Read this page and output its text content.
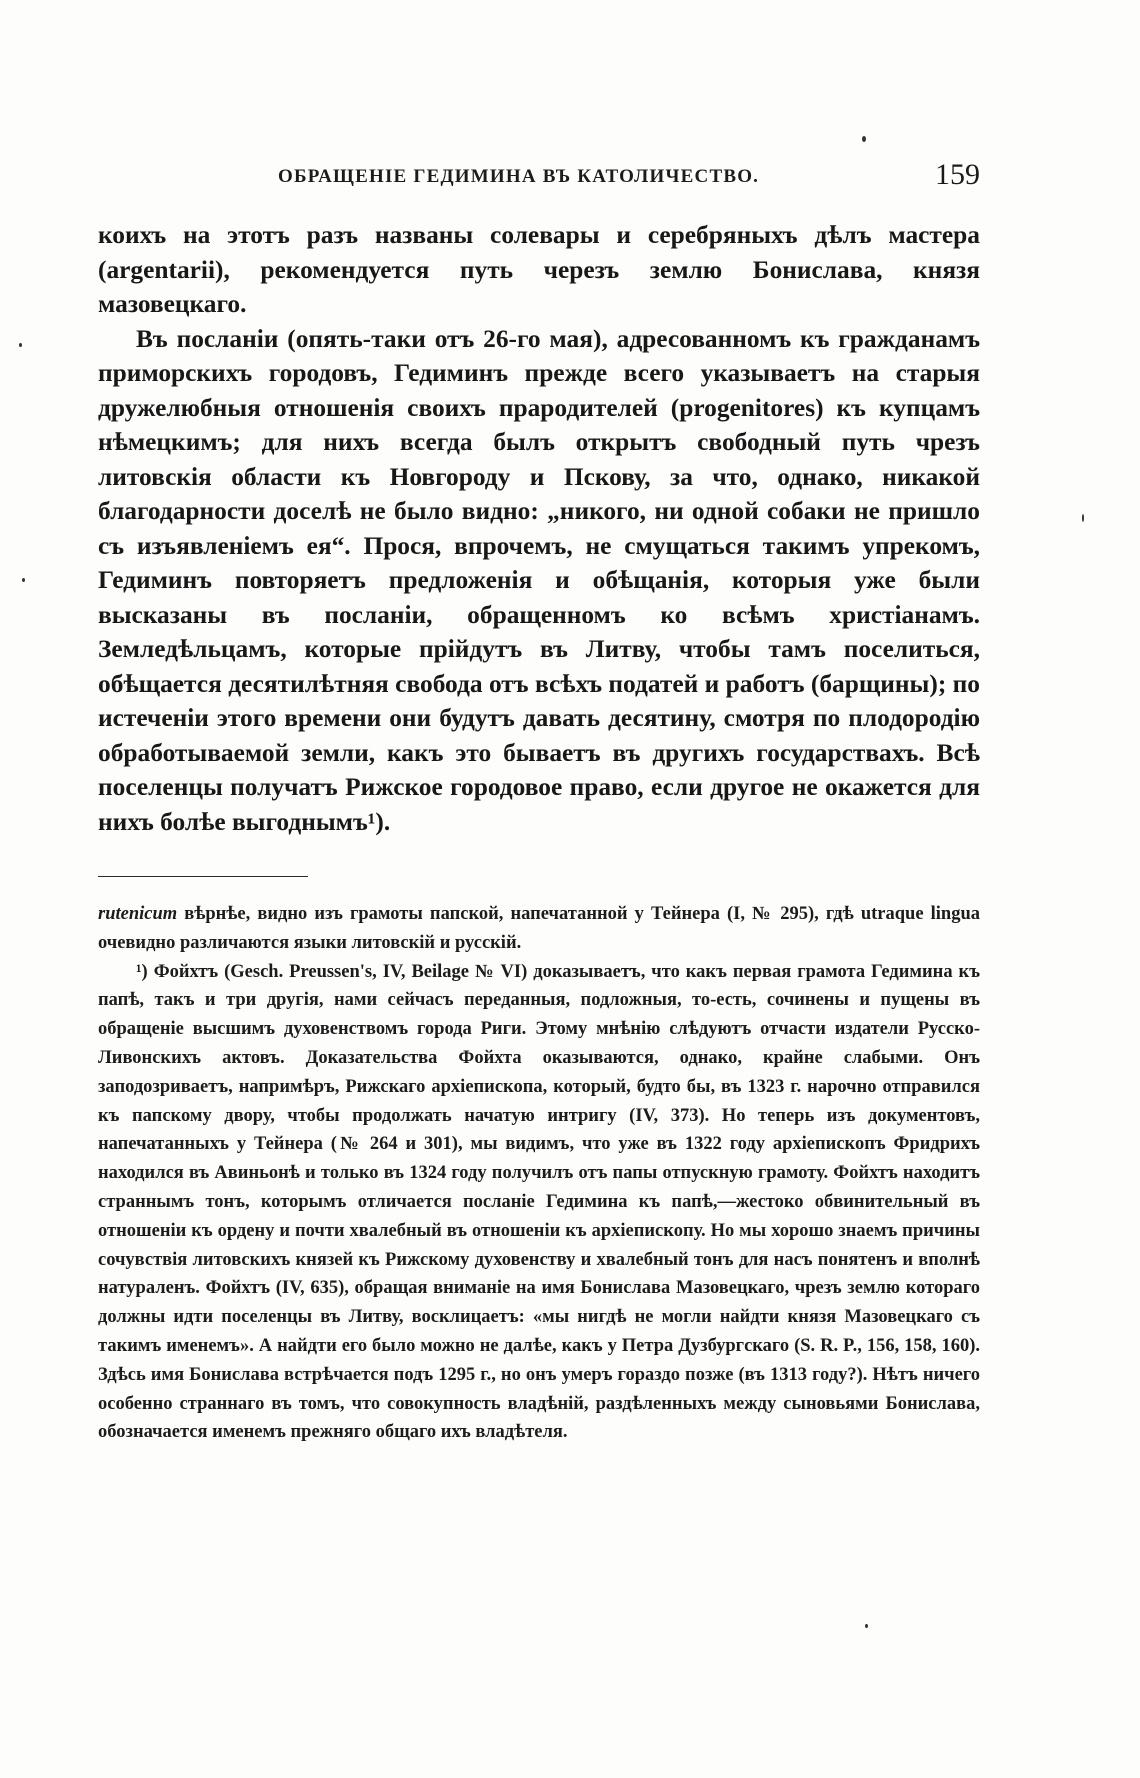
ОБРАЩЕНІЕ ГЕДИМИНА ВЪ КАТОЛИЧЕСТВО.	159

коихъ на этотъ разъ названы солевары и серебряныхъ дѣлъ мастера (argentarii), рекомендуется путь черезъ землю Бонислава, князя мазовецкаго.

Въ посланіи (опять-таки отъ 26-го мая), адресованномъ къ гражданамъ приморскихъ городовъ, Гедиминъ прежде всего указываетъ на старыя дружелюбныя отношенія своихъ прародителей (progenitores) къ купцамъ нѣмецкимъ; для нихъ всегда былъ открытъ свободный путь чрезъ литовскія области къ Новгороду и Пскову, за что, однако, никакой благодарности доселѣ не было видно: „никого, ни одной собаки не пришло съ изъявленіемъ ея“. Прося, впрочемъ, не смущаться такимъ упрекомъ, Гедиминъ повторяетъ предложенія и обѣщанія, которыя уже были высказаны въ посланіи, обращенномъ ко всѣмъ христіанамъ. Земледѣльцамъ, которые прійдутъ въ Литву, чтобы тамъ поселиться, обѣщается десятилѣтняя свобода отъ всѣхъ податей и работъ (барщины); по истеченіи этого времени они будутъ давать десятину, смотря по плодородію обработываемой земли, какъ это бываетъ въ другихъ государствахъ. Всѣ поселенцы получатъ Рижское городовое право, если другое не окажется для нихъ болѣе выгоднымъ¹).

rutenicum вѣрнѣе, видно изъ грамоты папской, напечатанной у Тейнера (I, № 295), гдѣ utraque lingua очевидно различаются языки литовскій и русскій.

¹) Фойхтъ (Gesch. Preussen's, IV, Beilage № VI) доказываетъ, что какъ первая грамота Гедимина къ папѣ, такъ и три другія, нами сейчасъ переданныя, подложныя, то-есть, сочинены и пущены въ обращеніе высшимъ духовенствомъ города Риги. Этому мнѣнію слѣдуютъ отчасти издатели Русско-Ливонскихъ актовъ. Доказательства Фойхта оказываются, однако, крайне слабыми. Онъ заподозриваетъ, напримѣръ, Рижскаго архіепископа, который, будто бы, въ 1323 г. нарочно отправился къ папскому двору, чтобы продолжать начатую интригу (IV, 373). Но теперь изъ документовъ, напечатанныхъ у Тейнера (№ 264 и 301), мы видимъ, что уже въ 1322 году архіепископъ Фридрихъ находился въ Авиньонѣ и только въ 1324 году получилъ отъ папы отпускную грамоту. Фойхтъ находитъ страннымъ тонъ, которымъ отличается посланіе Гедимина къ папѣ,—жестоко обвинительный въ отношеніи къ ордену и почти хвалебный въ отношеніи къ архіепископу. Но мы хорошо знаемъ причины сочувствія литовскихъ князей къ Рижскому духовенству и хвалебный тонъ для насъ понятенъ и вполнѣ натураленъ. Фойхтъ (IV, 635), обращая вниманіе на имя Бонислава Мазовецкаго, чрезъ землю котораго должны идти поселенцы въ Литву, восклицаетъ: «мы нигдѣ не могли найдти князя Мазовецкаго съ такимъ именемъ». А найдти его было можно не далѣе, какъ у Петра Дузбургскаго (S. R. P., 156, 158, 160). Здѣсь имя Бонислава встрѣчается подъ 1295 г., но онъ умеръ гораздо позже (въ 1313 году?). Нѣтъ ничего особенно страннаго въ томъ, что совокупность владѣній, раздѣленныхъ между сыновьями Бонислава, обозначается именемъ прежняго общаго ихъ владѣтеля.
